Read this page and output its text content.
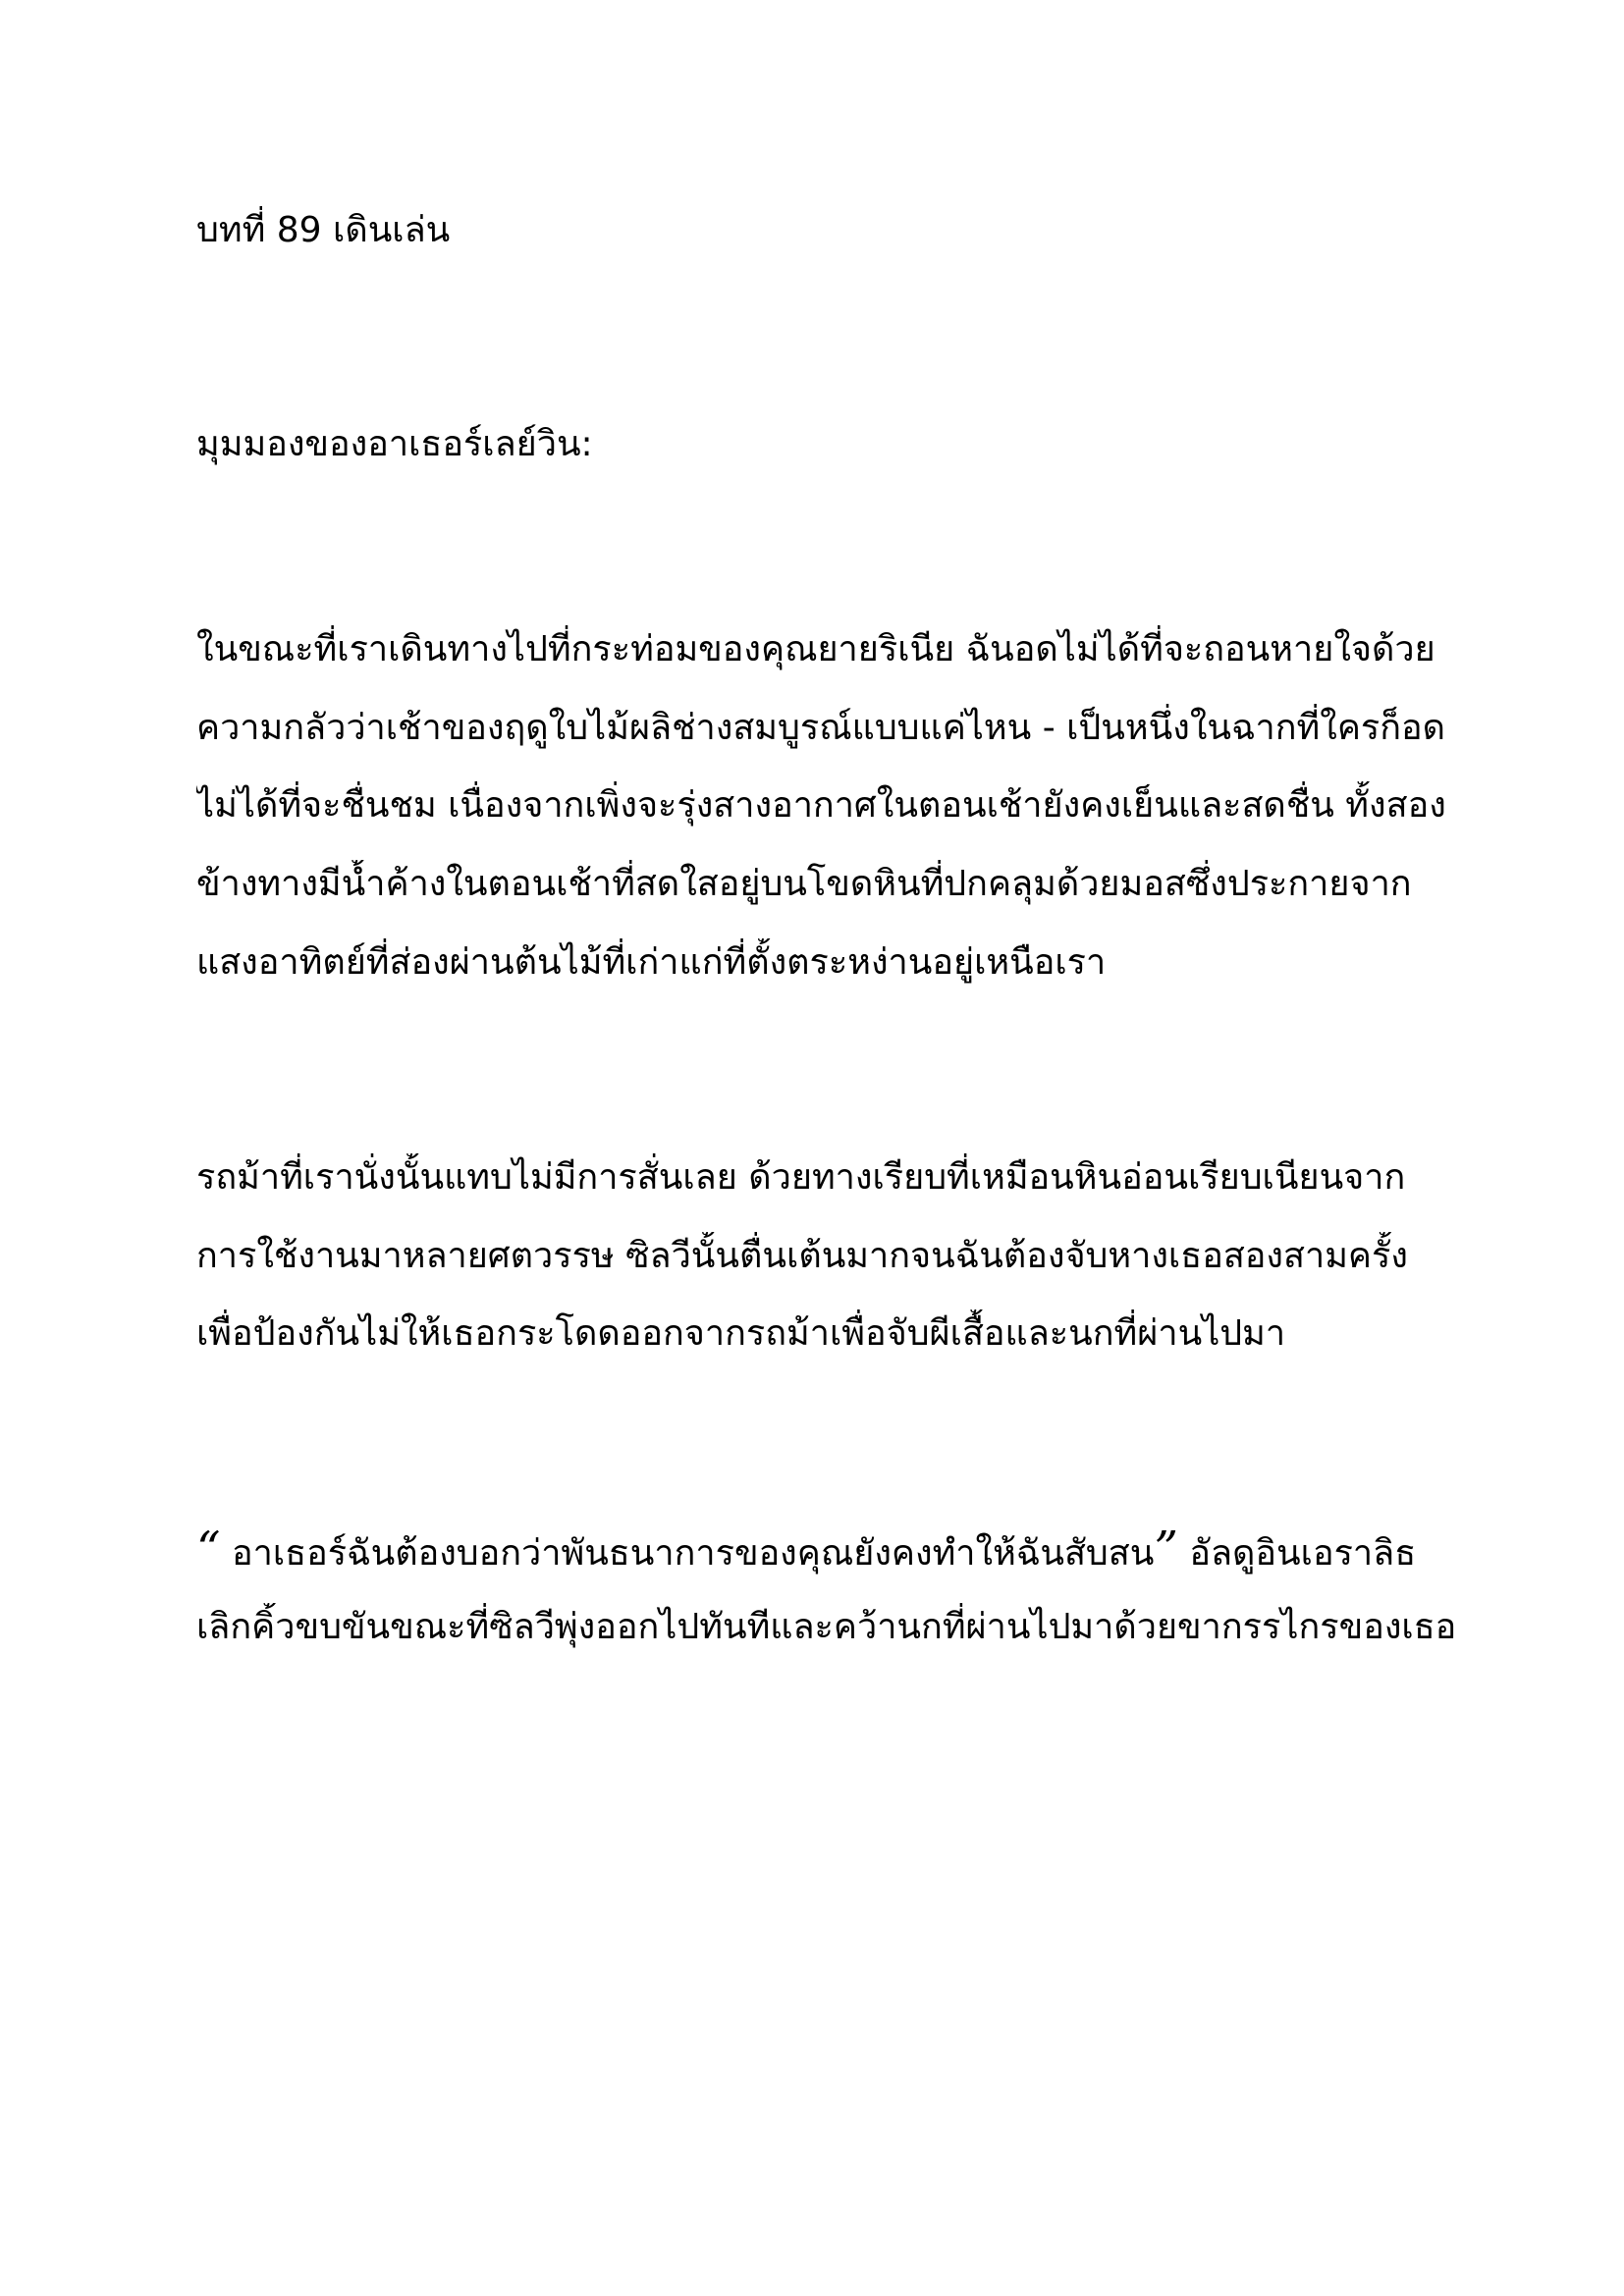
บทที่ 89 เดินเล่น
มุมมองของอาเธอร์เลย์วิน:
ในขณะที่เราเดินทางไปที่กระท่อมของคุณยายริเนีย ฉันอดไม่ได้ที่จะถอนหายใจด้วย
ความกลัวว่าเช้าของฤดูใบไม้ผลิช่างสมบูรณ์แบบแค่ไหน - เป็นหนึ่งในฉากที่ใครก็อด
ไม่ได้ที่จะชื่นชม เนื่องจากเพิ่งจะรุ่งสางอากาศในตอนเช้ายังคงเย็นและสดชื่น ทั้งสอง
ข้างทางมีน้ำค้างในตอนเช้าที่สดใสอยู่บนโขดหินที่ปกคลุมด้วยมอสซึ่งประกายจาก
แสงอาทิตย์ที่ส่องผ่านต้นไม้ที่เก่าแก่ที่ตั้งตระหง่านอยู่เหนือเรา
รถม้าที่เรานั่งนั้นแทบไม่มีการสั่นเลย ด้วยทางเรียบที่เหมือนหินอ่อนเรียบเนียนจาก
การใช้งานมาหลายศตวรรษ ซิลวีนั้นตื่นเต้นมากจนฉันต้องจับหางเธอสองสามครั้ง
เพื่อป้องกันไม่ให้เธอกระโดดออกจากรถม้าเพื่อจับผีเสื้อและนกที่ผ่านไปมา
“ อาเธอร์ฉันต้องบอกว่าพันธนาการของคุณยังคงทำให้ฉันสับสน” อัลดูอินเอราลิธ
เลิกคิ้วขบขันขณะที่ซิลวีพุ่งออกไปทันทีและคว้านกที่ผ่านไปมาด้วยขากรรไกรของเธอ
